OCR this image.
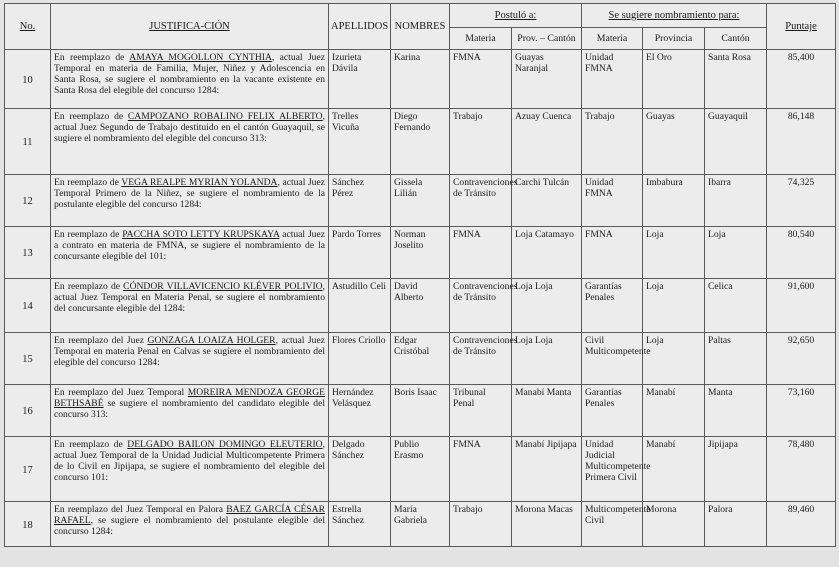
No.	JUSTIFICA-CIÓN	APELLIDOS	NOMBRES	Postuló a:		Se sugiere nombramiento para:			Puntaje
				Materia	Prov. – Cantón	Materia	Provincia	Cantón	
10	En reemplazo de AMAYA MOGOLLON CYNTHIA, actual Juez Temporal en materia de Familia, Mujer, Niñez y Adolescencia en Santa Rosa, se sugiere el nombramiento en la vacante existente en Santa Rosa del elegible del concurso 1284:	Izurieta Dávila	Karina	FMNA	Guayas Naranjal	Unidad FMNA	El Oro	Santa Rosa	85,400
11	En reemplazo de CAMPOZANO ROBALINO FELIX ALBERTO, actual Juez Segundo de Trabajo destituido en el cantón Guayaquil, se sugiere el nombramiento del elegible del concurso 313:	Trelles Vicuña	Diego Fernando	Trabajo	Azuay Cuenca	Trabajo	Guayas	Guayaquil	86,148
12	En reemplazo de VEGA REALPE MYRIAN YOLANDA, actual Juez Temporal Primero de la Niñez, se sugiere el nombramiento de la postulante elegible del concurso 1284:	Sánchez Pérez	Gissela Lilián	Contravenciones de Tránsito	Carchi Tulcán	Unidad FMNA	Imbabura	Ibarra	74,325
13	En reemplazo de PACCHA SOTO LETTY KRUPSKAYA actual Juez a contrato en materia de FMNA, se sugiere el nombramiento de la concursante elegible del 101:	Pardo Torres	Norman Joselito	FMNA	Loja Catamayo	FMNA	Loja	Loja	80,540
14	En reemplazo de CÓNDOR VILLAVICENCIO KLÉVER POLIVIO, actual Juez Temporal en Materia Penal, se sugiere el nombramiento del concursante elegible del 1284:	Astudillo Celi	David Alberto	Contravenciones de Tránsito	Loja Loja	Garantías Penales	Loja	Celica	91,600
15	En reemplazo del Juez GONZAGA LOAIZA HOLGER, actual Juez Temporal en materia Penal en Calvas se sugiere el nombramiento del elegible del concurso 1284:	Flores Criollo	Edgar Cristóbal	Contravenciones de Tránsito	Loja Loja	Civil Multicompetente	Loja	Paltas	92,650
16	En reemplazo del Juez Temporal MOREIRA MENDOZA GEORGE BETHSABÉ se sugiere el nombramiento del candidato elegible del concurso 313:	Hernández Velásquez	Boris Isaac	Tribunal Penal	Manabí Manta	Garantías Penales	Manabí	Manta	73,160
17	En reemplazo de DELGADO BAILON DOMINGO ELEUTERIO, actual Juez Temporal de la Unidad Judicial Multicompetente Primera de lo Civil en Jipijapa, se sugiere el nombramiento del elegible del concurso 101:	Delgado Sánchez	Publio Erasmo	FMNA	Manabí Jipijapa	Unidad Judicial Multicompetente Primera Civil	Manabí	Jipijapa	78,480
18	En reemplazo del Juez Temporal en Palora BAEZ GARCÍA CÉSAR RAFAEL, se sugiere el nombramiento del postulante elegible del concurso 1284:	Estrella Sánchez	María Gabriela	Trabajo	Morona Macas	Multicompetente Civil	Morona	Palora	89,460
